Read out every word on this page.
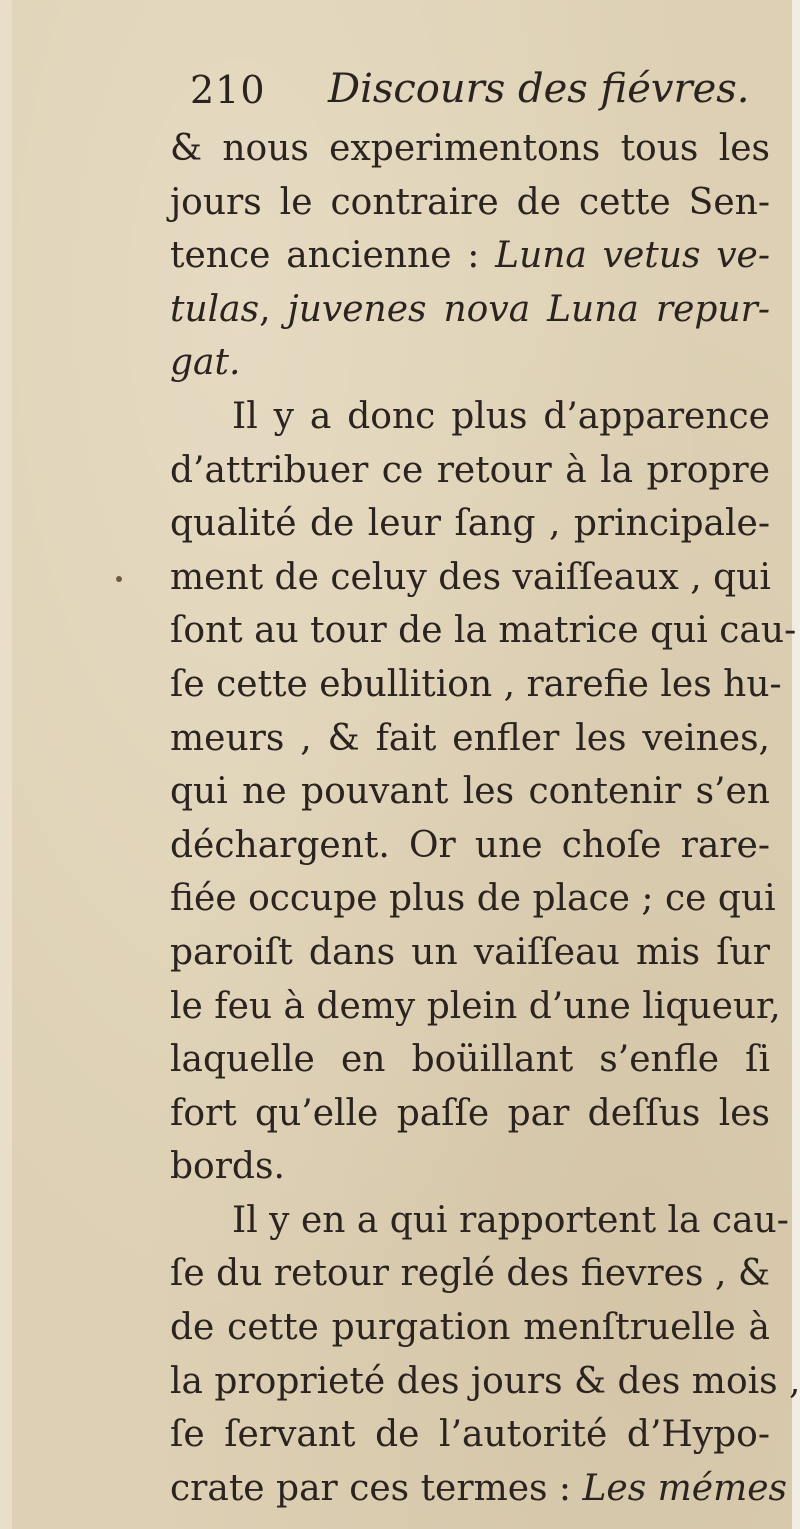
210 Discours des fiévres.
& nous experimentons tous les
jours le contraire de cette Sen-
tence ancienne : Luna vetus ve-
tulas, juvenes nova Luna repur-
gat.
Il y a donc plus d’apparence
d’attribuer ce retour à la propre
qualité de leur ſang , principale-
ment de celuy des vaiſſeaux , qui
ſont au tour de la matrice qui cau-
ſe cette ebullition , rarefie les hu-
meurs , & fait enfler les veines,
qui ne pouvant les contenir s’en
déchargent. Or une choſe rare-
fiée occupe plus de place ; ce qui
paroiſt dans un vaiſſeau mis ſur
le feu à demy plein d’une liqueur,
laquelle en boüillant s’enfle ſi
fort qu’elle paſſe par deſſus les
bords.
Il y en a qui rapportent la cau-
ſe du retour reglé des fievres , &
de cette purgation menſtruelle à
la proprieté des jours & des mois ,
ſe ſervant de l’autorité d’Hypo-
crate par ces termes : Les mémes
